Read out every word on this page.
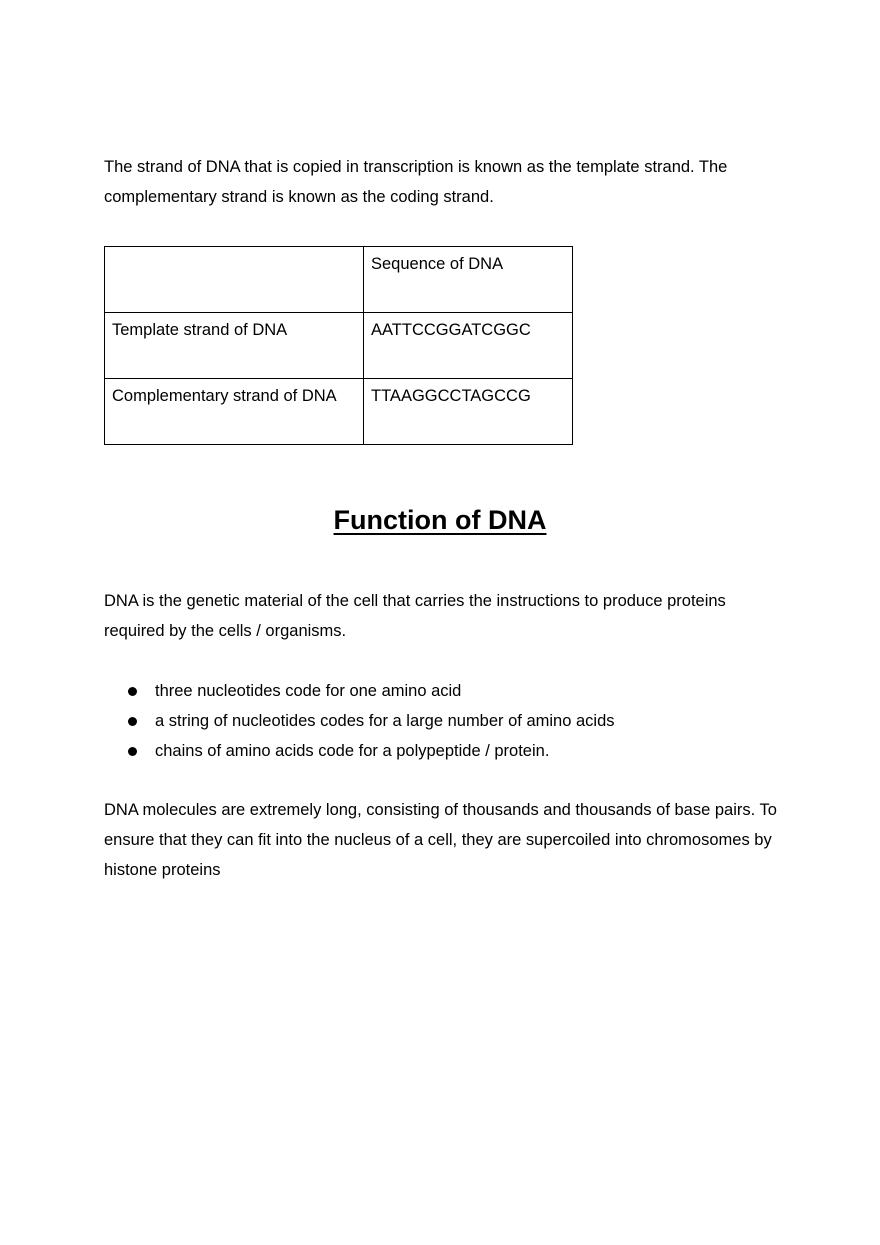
The strand of DNA that is copied in transcription is known as the template strand. The complementary strand is known as the coding strand.

	Sequence of DNA
Template strand of DNA	AATTCCGGATCGGC
Complementary strand of DNA	TTAAGGCCTAGCCG
Function of DNA

DNA is the genetic material of the cell that carries the instructions to produce proteins required by the cells / organisms.

three nucleotides code for one amino acid
a string of nucleotides codes for a large number of amino acids
chains of amino acids code for a polypeptide / protein.

DNA molecules are extremely long, consisting of thousands and thousands of base pairs. To ensure that they can fit into the nucleus of a cell, they are supercoiled into chromosomes by histone proteins
